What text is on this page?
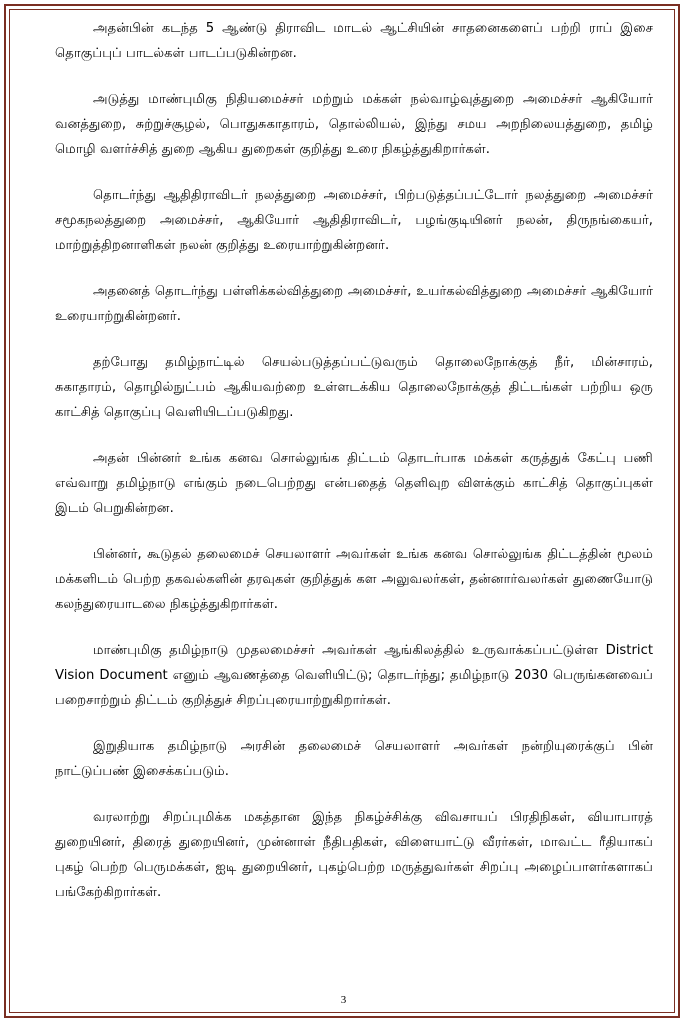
அதன்பின் கடந்த 5 ஆண்டு திராவிட மாடல் ஆட்சியின் சாதனைகளைப் பற்றி ராப் இசை தொகுப்புப் பாடல்கள் பாடப்படுகின்றன.

அடுத்து மாண்புமிகு நிதியமைச்சர் மற்றும் மக்கள் நல்வாழ்வுத்துறை அமைச்சர் ஆகியோர் வனத்துறை, சுற்றுச்சூழல், பொதுசுகாதாரம், தொல்லியல், இந்து சமய அறநிலையத்துறை, தமிழ் மொழி வளர்ச்சித் துறை ஆகிய துறைகள் குறித்து உரை நிகழ்த்துகிறார்கள்.

தொடர்ந்து ஆதிதிராவிடர் நலத்துறை அமைச்சர், பிற்படுத்தப்பட்டோர் நலத்துறை அமைச்சர் சமூகநலத்துறை அமைச்சர், ஆகியோர் ஆதிதிராவிடர், பழங்குடியினர் நலன், திருநங்கையர், மாற்றுத்திறனாளிகள் நலன் குறித்து உரையாற்றுகின்றனர்.

அதனைத் தொடர்ந்து பள்ளிக்கல்வித்துறை அமைச்சர், உயர்கல்வித்துறை அமைச்சர் ஆகியோர் உரையாற்றுகின்றனர்.

தற்போது தமிழ்நாட்டில் செயல்படுத்தப்பட்டுவரும் தொலைநோக்குத் நீர், மின்சாரம், சுகாதாரம், தொழில்நுட்பம் ஆகியவற்றை உள்ளடக்கிய தொலைநோக்குத் திட்டங்கள் பற்றிய ஒரு காட்சித் தொகுப்பு வெளியிடப்படுகிறது.

அதன் பின்னர் உங்க கனவ சொல்லுங்க திட்டம் தொடர்பாக மக்கள் கருத்துக் கேட்பு பணி எவ்வாறு தமிழ்நாடு எங்கும் நடைபெற்றது என்பதைத் தெளிவுற விளக்கும் காட்சித் தொகுப்புகள் இடம் பெறுகின்றன.

பின்னர், கூடுதல் தலைமைச் செயலாளர் அவர்கள் உங்க கனவ சொல்லுங்க திட்டத்தின் மூலம் மக்களிடம் பெற்ற தகவல்களின் தரவுகள் குறித்துக் கள அலுவலர்கள், தன்னார்வலர்கள் துணையோடு கலந்துரையாடலை நிகழ்த்துகிறார்கள்.

மாண்புமிகு தமிழ்நாடு முதலமைச்சர் அவர்கள் ஆங்கிலத்தில் உருவாக்கப்பட்டுள்ள District Vision Document எனும் ஆவணத்தை வெளியிட்டு; தொடர்ந்து; தமிழ்நாடு 2030 பெருங்கனவைப் பறைசாற்றும் திட்டம் குறித்துச் சிறப்புரையாற்றுகிறார்கள்.

இறுதியாக தமிழ்நாடு அரசின் தலைமைச் செயலாளர் அவர்கள் நன்றியுரைக்குப் பின் நாட்டுப்பண் இசைக்கப்படும்.

வரலாற்று சிறப்புமிக்க மகத்தான இந்த நிகழ்ச்சிக்கு விவசாயப் பிரதிநிகள், வியாபாரத் துறையினர், திரைத் துறையினர், முன்னாள் நீதிபதிகள், விளையாட்டு வீரர்கள், மாவட்ட ரீதியாகப் புகழ் பெற்ற பெருமக்கள், ஐடி துறையினர், புகழ்பெற்ற மருத்துவர்கள் சிறப்பு அழைப்பாளர்களாகப் பங்கேற்கிறார்கள்.

3
